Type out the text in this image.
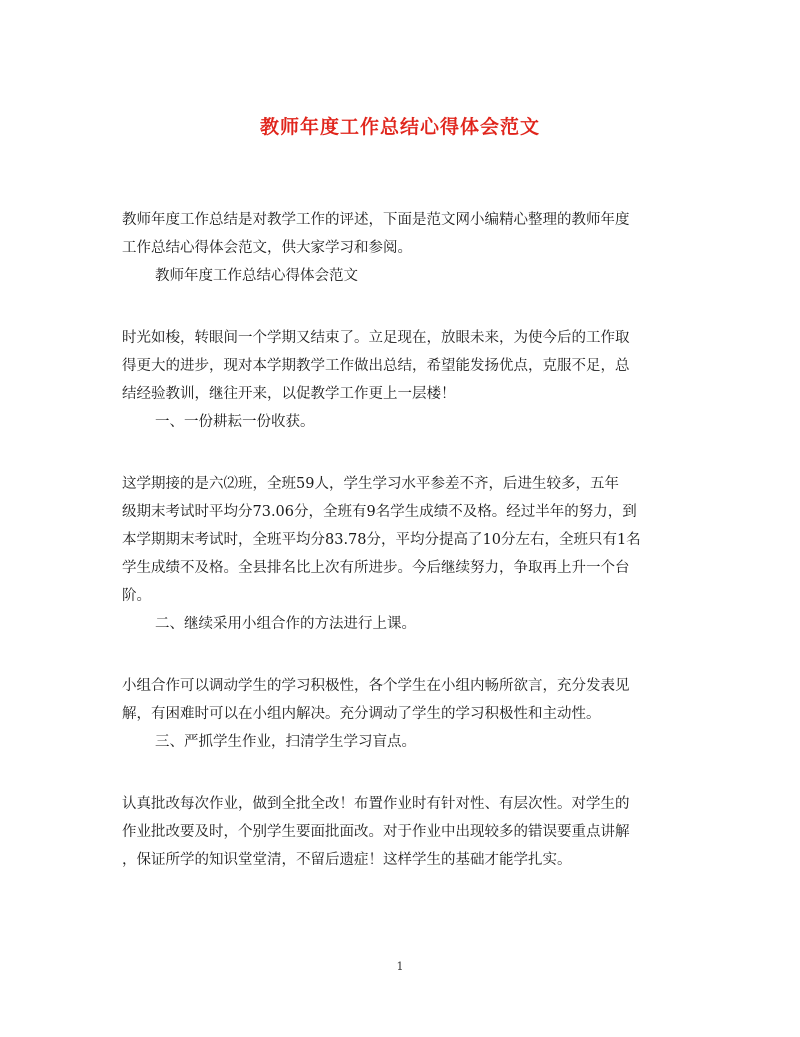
教师年度工作总结心得体会范文
教师年度工作总结是对教学工作的评述，下面是范文网小编精心整理的教师年度
工作总结心得体会范文，供大家学习和参阅。
教师年度工作总结心得体会范文
时光如梭，转眼间一个学期又结束了。立足现在，放眼未来，为使今后的工作取
得更大的进步，现对本学期教学工作做出总结，希望能发扬优点，克服不足，总
结经验教训，继往开来，以促教学工作更上一层楼！
一、一份耕耘一份收获。
这学期接的是六⑵班，全班59人，学生学习水平参差不齐，后进生较多，五年
级期末考试时平均分73.06分，全班有9名学生成绩不及格。经过半年的努力，到
本学期期末考试时，全班平均分83.78分，平均分提高了10分左右，全班只有1名
学生成绩不及格。全县排名比上次有所进步。今后继续努力，争取再上升一个台
阶。
二、继续采用小组合作的方法进行上课。
小组合作可以调动学生的学习积极性，各个学生在小组内畅所欲言，充分发表见
解，有困难时可以在小组内解决。充分调动了学生的学习积极性和主动性。
三、严抓学生作业，扫清学生学习盲点。
认真批改每次作业，做到全批全改！布置作业时有针对性、有层次性。对学生的
作业批改要及时，个别学生要面批面改。对于作业中出现较多的错误要重点讲解
，保证所学的知识堂堂清，不留后遗症！这样学生的基础才能学扎实。
1
